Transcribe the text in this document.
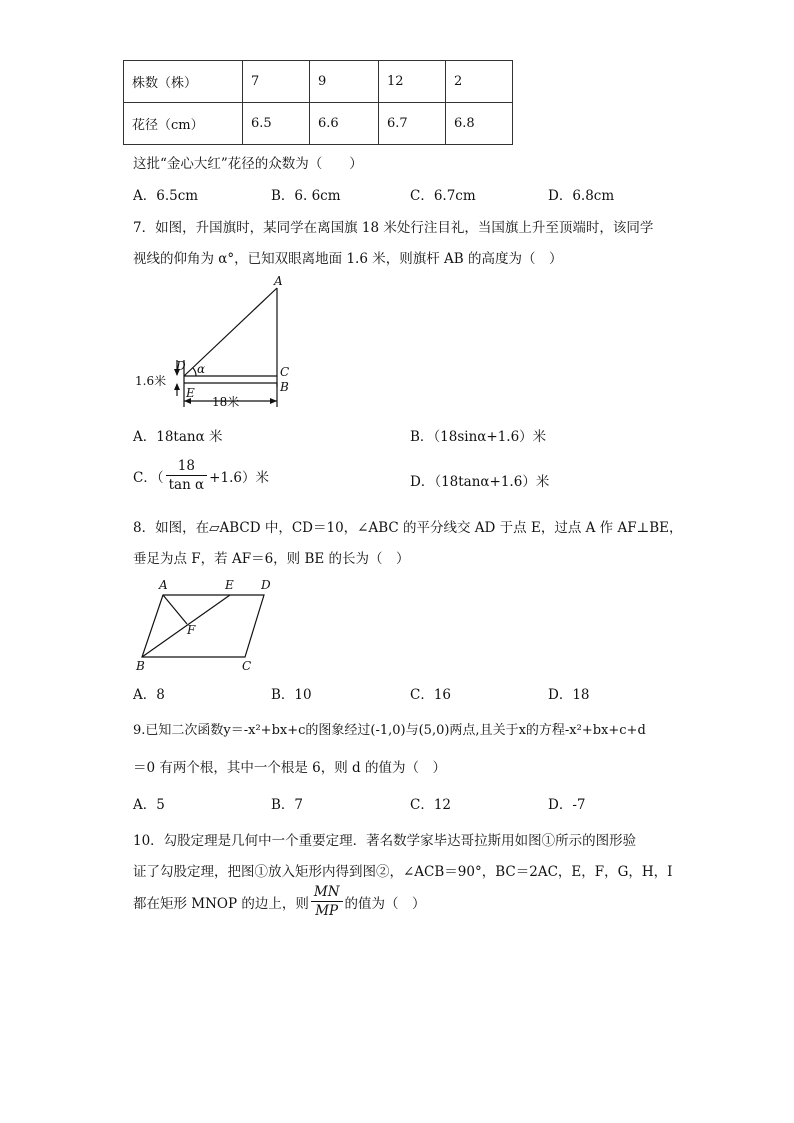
株数（株）	7	9	12	2
花径（cm）	6.5	6.6	6.7	6.8
这批“金心大红”花径的众数为（　　）
A．6.5cm	B．6. 6cm	C．6.7cm	D．6.8cm
7．如图，升国旗时，某同学在离国旗 18 米处行注目礼，当国旗上升至顶端时，该同学
视线的仰角为 α°，已知双眼离地面 1.6 米，则旗杆 AB 的高度为（　）
A
C
B
D
E
α
1.6米
18米
A．18tanα 米	B．（18sinα+1.6）米
C．（ $\frac{18}{\text{tan α}} +1.6$）米	D．（18tanα+1.6）米
8．如图，在▱ABCD 中，CD＝10，∠ABC 的平分线交 AD 于点 E，过点 A 作 AF⊥BE，
垂足为点 F，若 AF＝6，则 BE 的长为（　）
A	E D
F
B	C
A．8	B．10	C．16	D．18
9.已知二次函数y＝-x²+bx+c的图象经过(-1,0)与(5,0)两点,且关于x的方程-x²+bx+c+d
＝0 有两个根，其中一个根是 6，则 d 的值为（　）
A．5	B．7	C．12	D．-7
10．勾股定理是几何中一个重要定理．著名数学家毕达哥拉斯用如图①所示的图形验
证了勾股定理，把图①放入矩形内得到图②，∠ACB＝90°，BC＝2AC，E，F，G，H，I
都在矩形 MNOP 的边上，则 $\frac{MN}{MP}$ 的值为（　）
